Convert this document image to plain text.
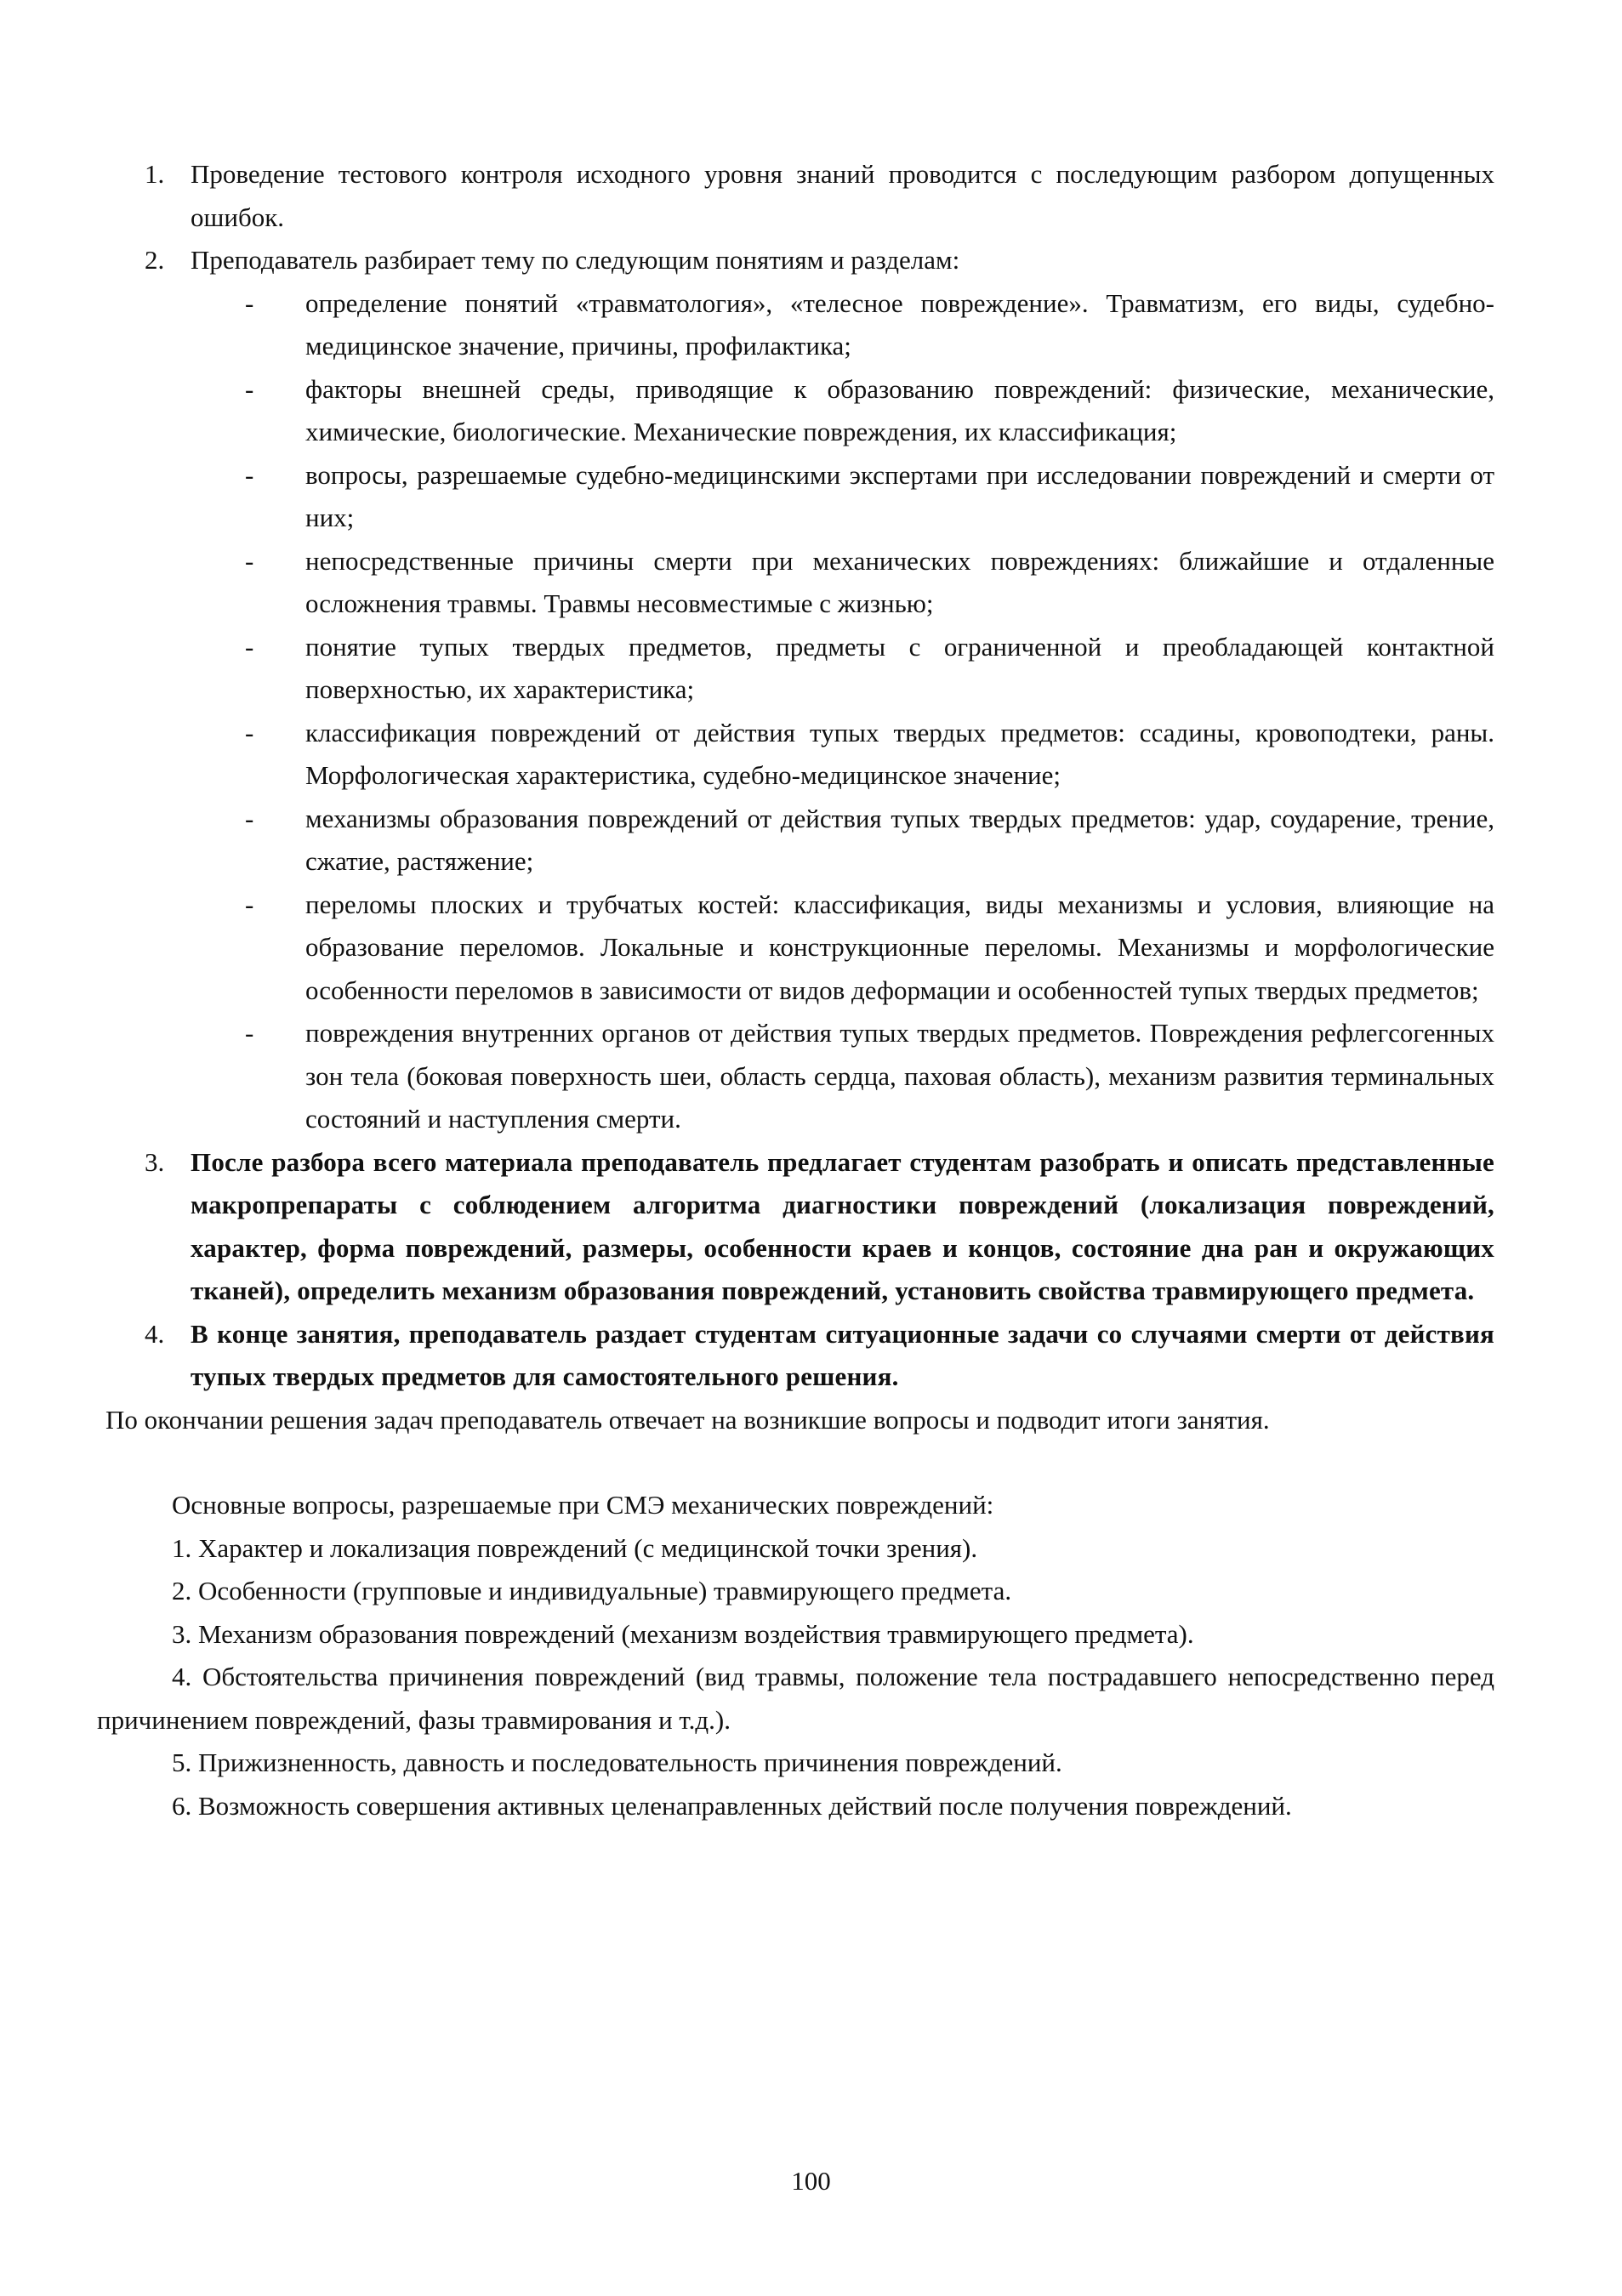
1. Проведение тестового контроля исходного уровня знаний проводится с последующим разбором допущенных ошибок.
2. Преподаватель разбирает тему по следующим понятиям и разделам:
- определение понятий «травматология», «телесное повреждение». Травматизм, его виды, судебно-медицинское значение, причины, профилактика;
- факторы внешней среды, приводящие к образованию повреждений: физические, механические, химические, биологические. Механические повреждения, их классификация;
- вопросы, разрешаемые судебно-медицинскими экспертами при исследовании повреждений и смерти от них;
- непосредственные причины смерти при механических повреждениях: ближайшие и отдаленные осложнения травмы. Травмы несовместимые с жизнью;
- понятие тупых твердых предметов, предметы с ограниченной и преобладающей контактной поверхностью, их характеристика;
- классификация повреждений от действия тупых твердых предметов: ссадины, кровоподтеки, раны. Морфологическая характеристика, судебно-медицинское значение;
- механизмы образования повреждений от действия тупых твердых предметов: удар, соударение, трение, сжатие, растяжение;
- переломы плоских и трубчатых костей: классификация, виды механизмы и условия, влияющие на образование переломов. Локальные и конструкционные переломы. Механизмы и морфологические особенности переломов в зависимости от видов деформации и особенностей тупых твердых предметов;
- повреждения внутренних органов от действия тупых твердых предметов. Повреждения рефлегсогенных зон тела (боковая поверхность шеи, область сердца, паховая область), механизм развития терминальных состояний и наступления смерти.
3. После разбора всего материала преподаватель предлагает студентам разобрать и описать представленные макропрепараты с соблюдением алгоритма диагностики повреждений (локализация повреждений, характер, форма повреждений, размеры, особенности краев и концов, состояние дна ран и окружающих тканей), определить механизм образования повреждений, установить свойства травмирующего предмета.
4. В конце занятия, преподаватель раздает студентам ситуационные задачи со случаями смерти от действия тупых твердых предметов для самостоятельного решения.
По окончании решения задач преподаватель отвечает на возникшие вопросы и подводит итоги занятия.
Основные вопросы, разрешаемые при СМЭ механических повреждений:
1. Характер и локализация повреждений (с медицинской точки зрения).
2. Особенности (групповые и индивидуальные) травмирующего предмета.
3. Механизм образования повреждений (механизм воздействия травмирующего предмета).
4. Обстоятельства причинения повреждений (вид травмы, положение тела пострадавшего непосредственно перед причинением повреждений, фазы травмирования и т.д.).
5. Прижизненность, давность и последовательность причинения повреждений.
6. Возможность совершения активных целенаправленных действий после получения повреждений.
100
